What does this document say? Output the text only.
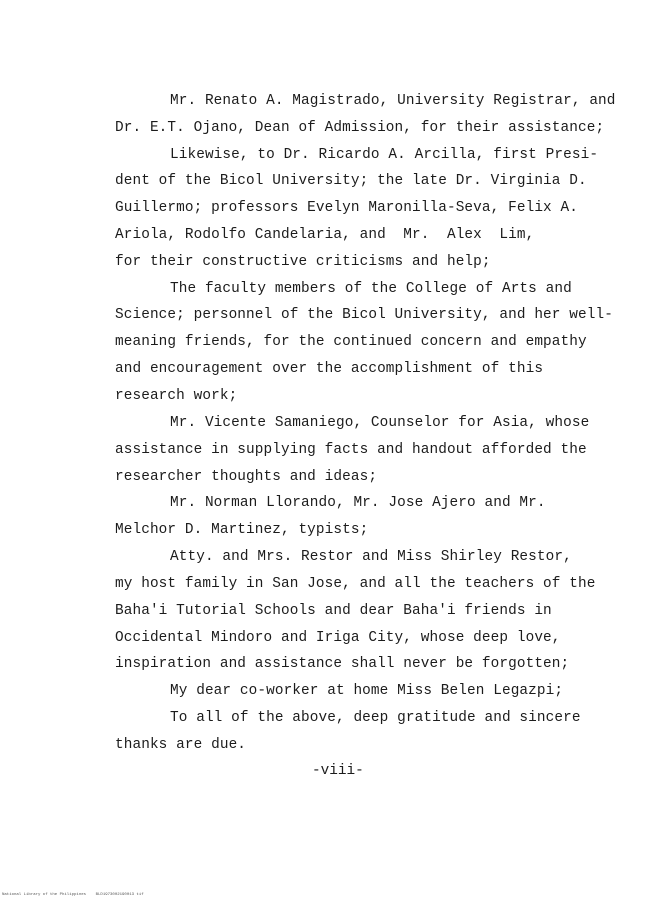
Mr. Renato A. Magistrado, University Registrar, and
Dr. E.T. Ojano, Dean of Admission, for their assistance;
Likewise, to Dr. Ricardo A. Arcilla, first Presi-
dent of the Bicol University; the late Dr. Virginia D.
Guillermo; professors Evelyn Maronilla-Seva, Felix A.
Ariola, Rodolfo Candelaria, and  Mr.  Alex  Lim,
for their constructive criticisms and help;
The faculty members of the College of Arts and
Science; personnel of the Bicol University, and her well-
meaning friends, for the continued concern and empathy
and encouragement over the accomplishment of this
research work;
Mr. Vicente Samaniego, Counselor for Asia, whose
assistance in supplying facts and handout afforded the
researcher thoughts and ideas;
Mr. Norman Llorando, Mr. Jose Ajero and Mr.
Melchor D. Martinez, typists;
Atty. and Mrs. Restor and Miss Shirley Restor,
my host family in San Jose, and all the teachers of the
Baha'i Tutorial Schools and dear Baha'i friends in
Occidental Mindoro and Iriga City, whose deep love,
inspiration and assistance shall never be forgotten;
My dear co-worker at home Miss Belen Legazpi;
To all of the above, deep gratitude and sincere
thanks are due.
-viii-
National Library of the Philippines    BLD1973002190013 tif
